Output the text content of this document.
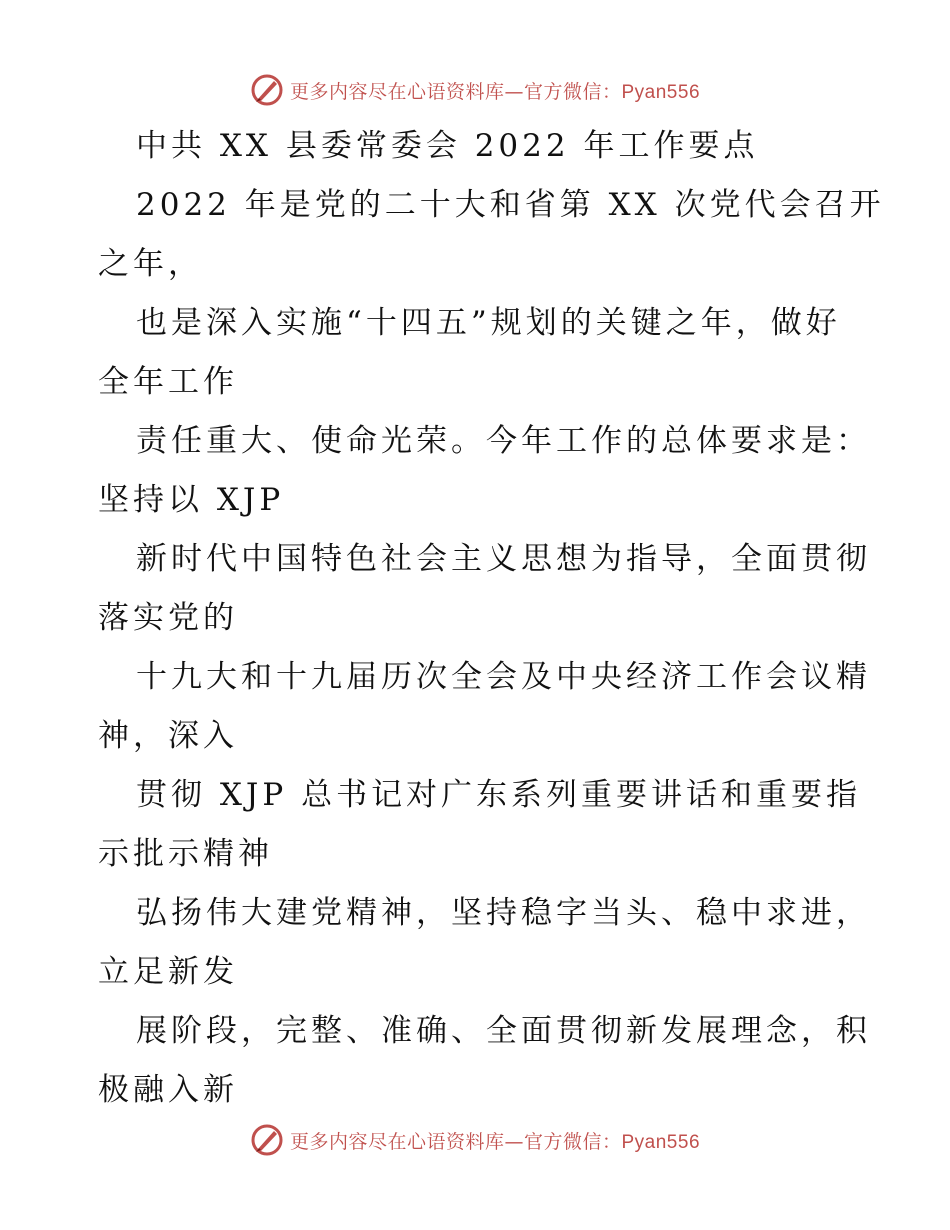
更多内容尽在心语资料库—官方微信：Pyan556
中共 XX 县委常委会 2022 年工作要点
2022 年是党的二十大和省第 XX 次党代会召开
之年，
也是深入实施“十四五”规划的关键之年，做好
全年工作
责任重大、使命光荣。今年工作的总体要求是：
坚持以 XJP
新时代中国特色社会主义思想为指导，全面贯彻
落实党的
十九大和十九届历次全会及中央经济工作会议精
神，深入
贯彻 XJP 总书记对广东系列重要讲话和重要指
示批示精神
弘扬伟大建党精神，坚持稳字当头、稳中求进，
立足新发
展阶段，完整、准确、全面贯彻新发展理念，积
极融入新
更多内容尽在心语资料库—官方微信：Pyan556
